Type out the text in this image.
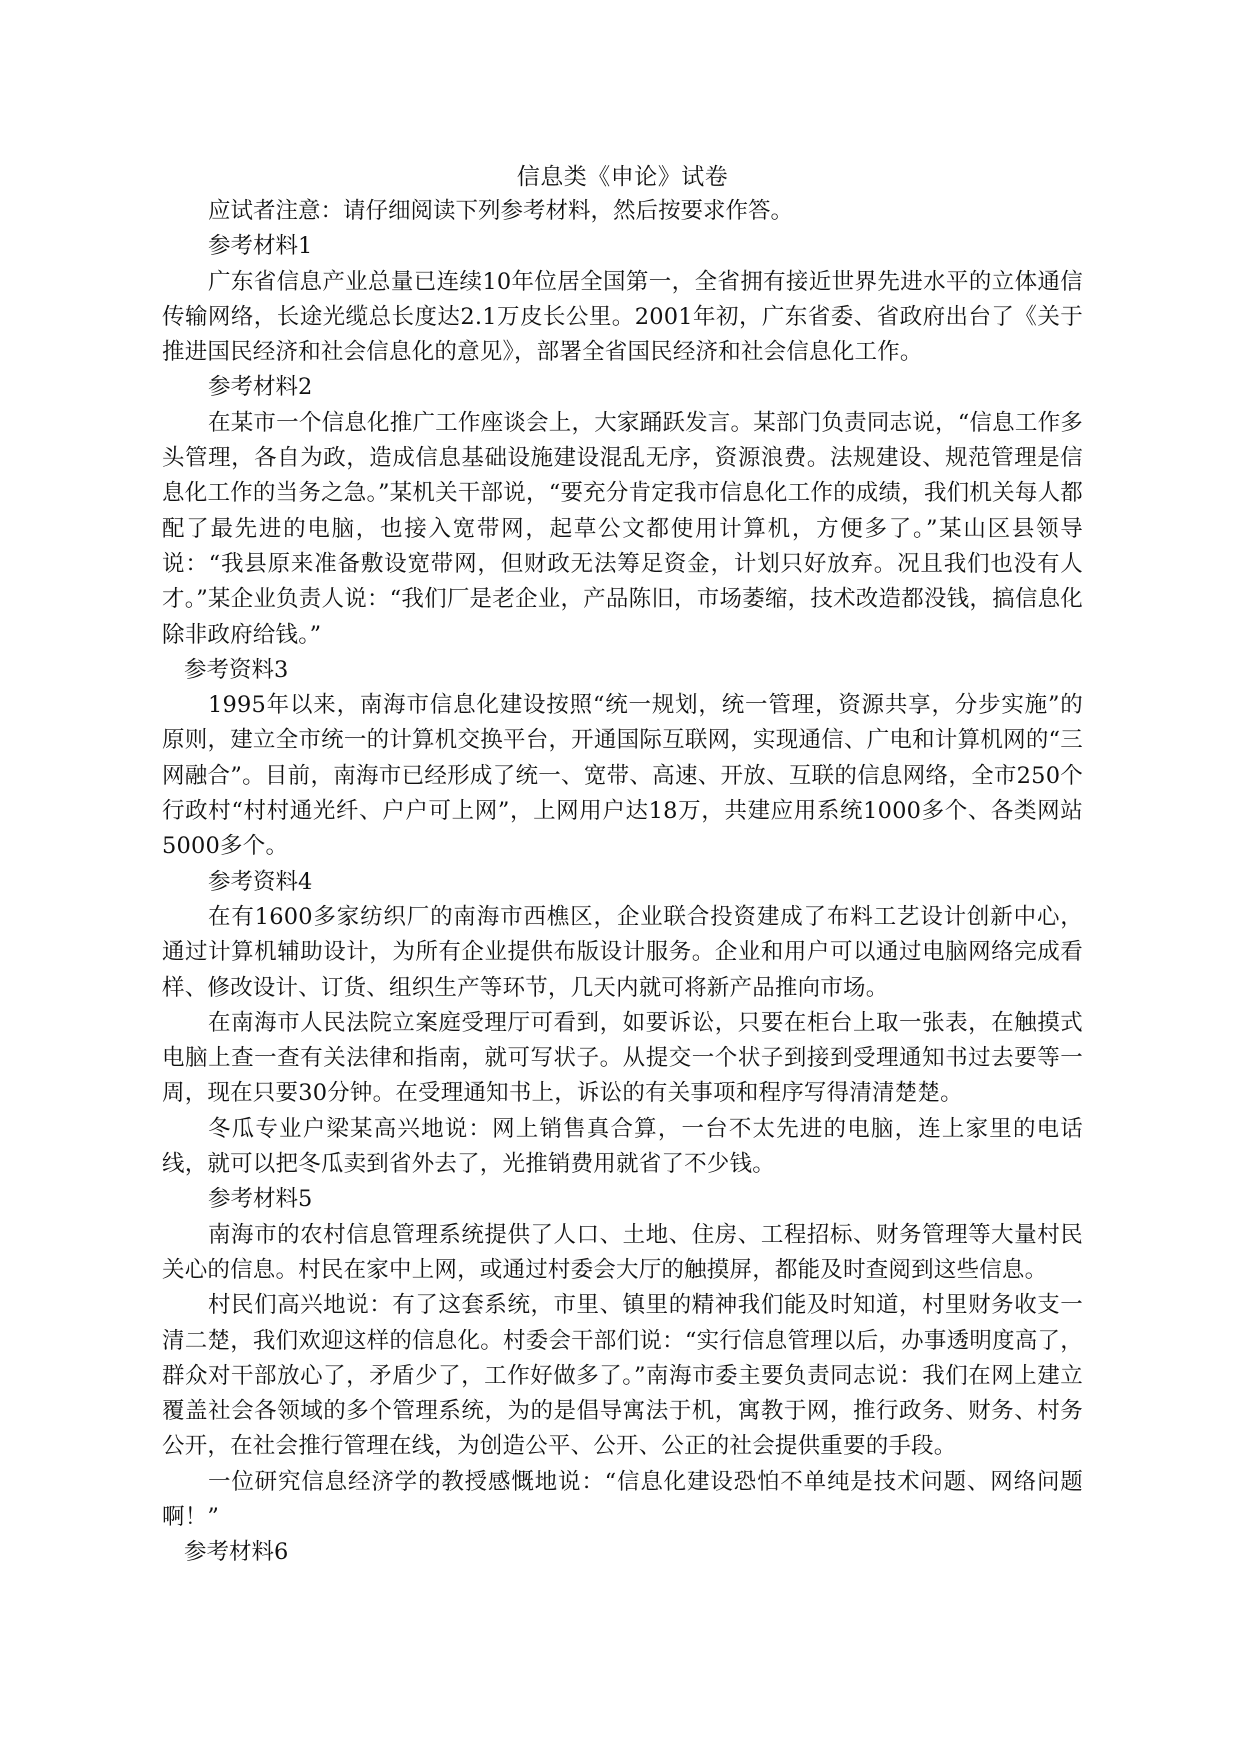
信息类《申论》试卷

应试者注意：请仔细阅读下列参考材料，然后按要求作答。

参考材料1

广东省信息产业总量已连续10年位居全国第一，全省拥有接近世界先进水平的立体通信传输网络，长途光缆总长度达2.1万皮长公里。2001年初，广东省委、省政府出台了《关于推进国民经济和社会信息化的意见》，部署全省国民经济和社会信息化工作。

参考材料2

在某市一个信息化推广工作座谈会上，大家踊跃发言。某部门负责同志说，“信息工作多头管理，各自为政，造成信息基础设施建设混乱无序，资源浪费。法规建设、规范管理是信息化工作的当务之急。”某机关干部说，“要充分肯定我市信息化工作的成绩，我们机关每人都配了最先进的电脑，也接入宽带网，起草公文都使用计算机，方便多了。”某山区县领导说：“我县原来准备敷设宽带网，但财政无法筹足资金，计划只好放弃。况且我们也没有人才。”某企业负责人说：“我们厂是老企业，产品陈旧，市场萎缩，技术改造都没钱，搞信息化除非政府给钱。”

参考资料3

1995年以来，南海市信息化建设按照“统一规划，统一管理，资源共享，分步实施”的原则，建立全市统一的计算机交换平台，开通国际互联网，实现通信、广电和计算机网的“三网融合”。目前，南海市已经形成了统一、宽带、高速、开放、互联的信息网络，全市250个行政村“村村通光纤、户户可上网”，上网用户达18万，共建应用系统1000多个、各类网站5000多个。

参考资料4

在有1600多家纺织厂的南海市西樵区，企业联合投资建成了布料工艺设计创新中心，通过计算机辅助设计，为所有企业提供布版设计服务。企业和用户可以通过电脑网络完成看样、修改设计、订货、组织生产等环节，几天内就可将新产品推向市场。

在南海市人民法院立案庭受理厅可看到，如要诉讼，只要在柜台上取一张表，在触摸式电脑上查一查有关法律和指南，就可写状子。从提交一个状子到接到受理通知书过去要等一周，现在只要30分钟。在受理通知书上，诉讼的有关事项和程序写得清清楚楚。

冬瓜专业户梁某高兴地说：网上销售真合算，一台不太先进的电脑，连上家里的电话线，就可以把冬瓜卖到省外去了，光推销费用就省了不少钱。

参考材料5

南海市的农村信息管理系统提供了人口、土地、住房、工程招标、财务管理等大量村民关心的信息。村民在家中上网，或通过村委会大厅的触摸屏，都能及时查阅到这些信息。

村民们高兴地说：有了这套系统，市里、镇里的精神我们能及时知道，村里财务收支一清二楚，我们欢迎这样的信息化。村委会干部们说：“实行信息管理以后，办事透明度高了，群众对干部放心了，矛盾少了，工作好做多了。”南海市委主要负责同志说：我们在网上建立覆盖社会各领域的多个管理系统，为的是倡导寓法于机，寓教于网，推行政务、财务、村务公开，在社会推行管理在线，为创造公平、公开、公正的社会提供重要的手段。

一位研究信息经济学的教授感慨地说：“信息化建设恐怕不单纯是技术问题、网络问题啊！”

参考材料6
